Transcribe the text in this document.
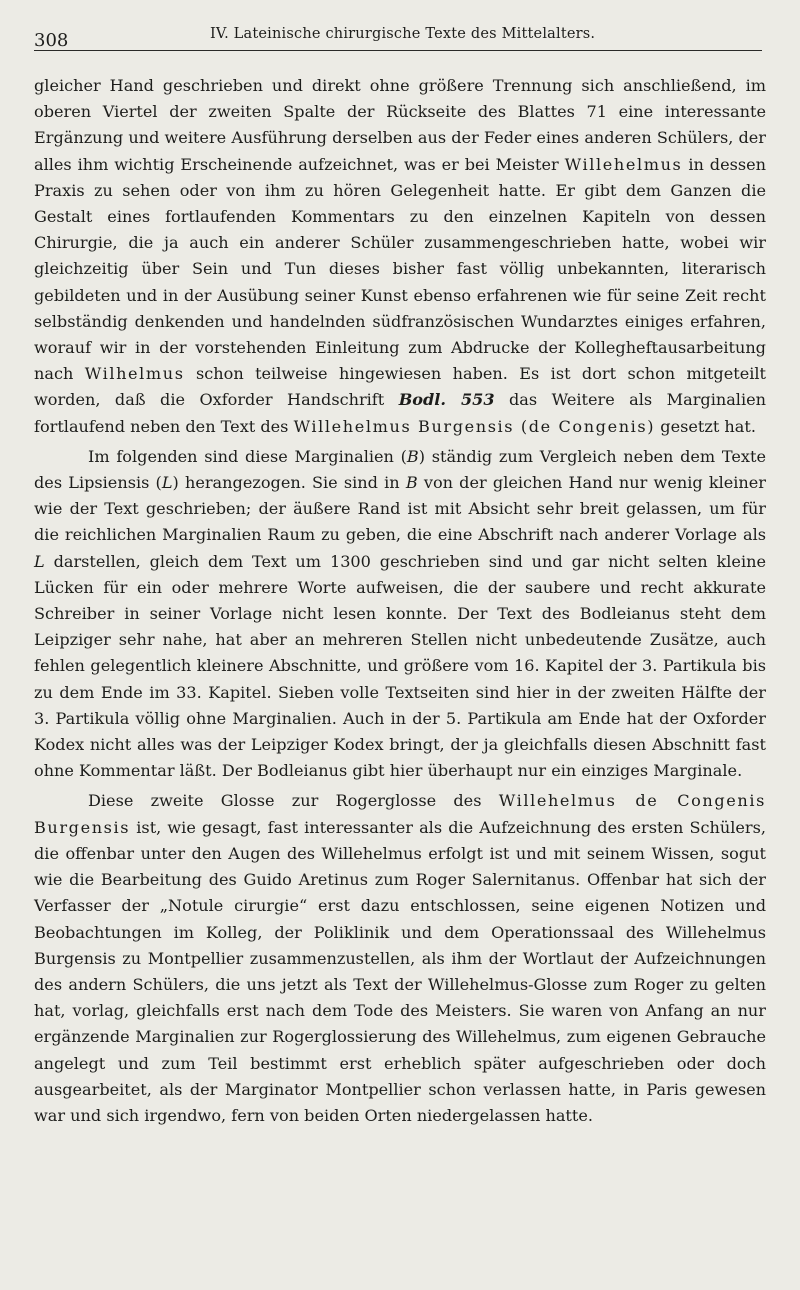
308	IV. Lateinische chirurgische Texte des Mittelalters.

gleicher Hand geschrieben und direkt ohne größere Trennung sich anschließend, im oberen Viertel der zweiten Spalte der Rückseite des Blattes 71 eine interessante Ergänzung und weitere Ausführung derselben aus der Feder eines anderen Schülers, der alles ihm wichtig Erscheinende aufzeichnet, was er bei Meister Willehelmus in dessen Praxis zu sehen oder von ihm zu hören Gelegenheit hatte. Er gibt dem Ganzen die Gestalt eines fortlaufenden Kommentars zu den einzelnen Kapiteln von dessen Chirurgie, die ja auch ein anderer Schüler zusammengeschrieben hatte, wobei wir gleichzeitig über Sein und Tun dieses bisher fast völlig unbekannten, literarisch gebildeten und in der Ausübung seiner Kunst ebenso erfahrenen wie für seine Zeit recht selbständig denkenden und handelnden südfranzösischen Wundarztes einiges erfahren, worauf wir in der vorstehenden Einleitung zum Abdrucke der Kollegheftausarbeitung nach Wilhelmus schon teilweise hingewiesen haben. Es ist dort schon mitgeteilt worden, daß die Oxforder Handschrift Bodl. 553 das Weitere als Marginalien fortlaufend neben den Text des Willehelmus Burgensis (de Congenis) gesetzt hat.

Im folgenden sind diese Marginalien (B) ständig zum Vergleich neben dem Texte des Lipsiensis (L) herangezogen. Sie sind in B von der gleichen Hand nur wenig kleiner wie der Text geschrieben; der äußere Rand ist mit Absicht sehr breit gelassen, um für die reichlichen Marginalien Raum zu geben, die eine Abschrift nach anderer Vorlage als L darstellen, gleich dem Text um 1300 geschrieben sind und gar nicht selten kleine Lücken für ein oder mehrere Worte aufweisen, die der saubere und recht akkurate Schreiber in seiner Vorlage nicht lesen konnte. Der Text des Bodleianus steht dem Leipziger sehr nahe, hat aber an mehreren Stellen nicht unbedeutende Zusätze, auch fehlen gelegentlich kleinere Abschnitte, und größere vom 16. Kapitel der 3. Partikula bis zu dem Ende im 33. Kapitel. Sieben volle Textseiten sind hier in der zweiten Hälfte der 3. Partikula völlig ohne Marginalien. Auch in der 5. Partikula am Ende hat der Oxforder Kodex nicht alles was der Leipziger Kodex bringt, der ja gleichfalls diesen Abschnitt fast ohne Kommentar läßt. Der Bodleianus gibt hier überhaupt nur ein einziges Marginale.

Diese zweite Glosse zur Rogerglosse des Willehelmus de Congenis Burgensis ist, wie gesagt, fast interessanter als die Aufzeichnung des ersten Schülers, die offenbar unter den Augen des Willehelmus erfolgt ist und mit seinem Wissen, sogut wie die Bearbeitung des Guido Aretinus zum Roger Salernitanus. Offenbar hat sich der Verfasser der „Notule cirurgie“ erst dazu entschlossen, seine eigenen Notizen und Beobachtungen im Kolleg, der Poliklinik und dem Operationssaal des Willehelmus Burgensis zu Montpellier zusammenzustellen, als ihm der Wortlaut der Aufzeichnungen des andern Schülers, die uns jetzt als Text der Willehelmus-Glosse zum Roger zu gelten hat, vorlag, gleichfalls erst nach dem Tode des Meisters. Sie waren von Anfang an nur ergänzende Marginalien zur Rogerglossierung des Willehelmus, zum eigenen Gebrauche angelegt und zum Teil bestimmt erst erheblich später aufgeschrieben oder doch ausgearbeitet, als der Marginator Montpellier schon verlassen hatte, in Paris gewesen war und sich irgendwo, fern von beiden Orten niedergelassen hatte.
